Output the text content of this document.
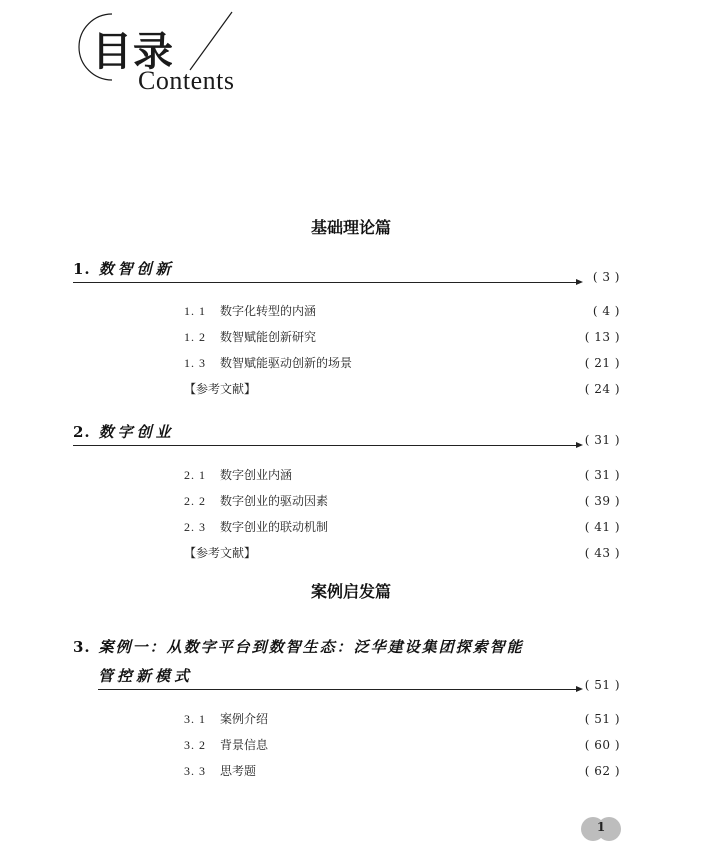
目录
Contents
基础理论篇
1. 数智创新	( 3 )
1. 1 数字化转型的内涵	( 4 )
1. 2 数智赋能创新研究	( 13 )
1. 3 数智赋能驱动创新的场景	( 21 )
【参考文献】	( 24 )
2. 数字创业	( 31 )
2. 1 数字创业内涵	( 31 )
2. 2 数字创业的驱动因素	( 39 )
2. 3 数字创业的联动机制	( 41 )
【参考文献】	( 43 )
案例启发篇
3. 案例一：从数字平台到数智生态：泛华建设集团探索智能
管控新模式	( 51 )
3. 1 案例介绍	( 51 )
3. 2 背景信息	( 60 )
3. 3 思考题	( 62 )
1
